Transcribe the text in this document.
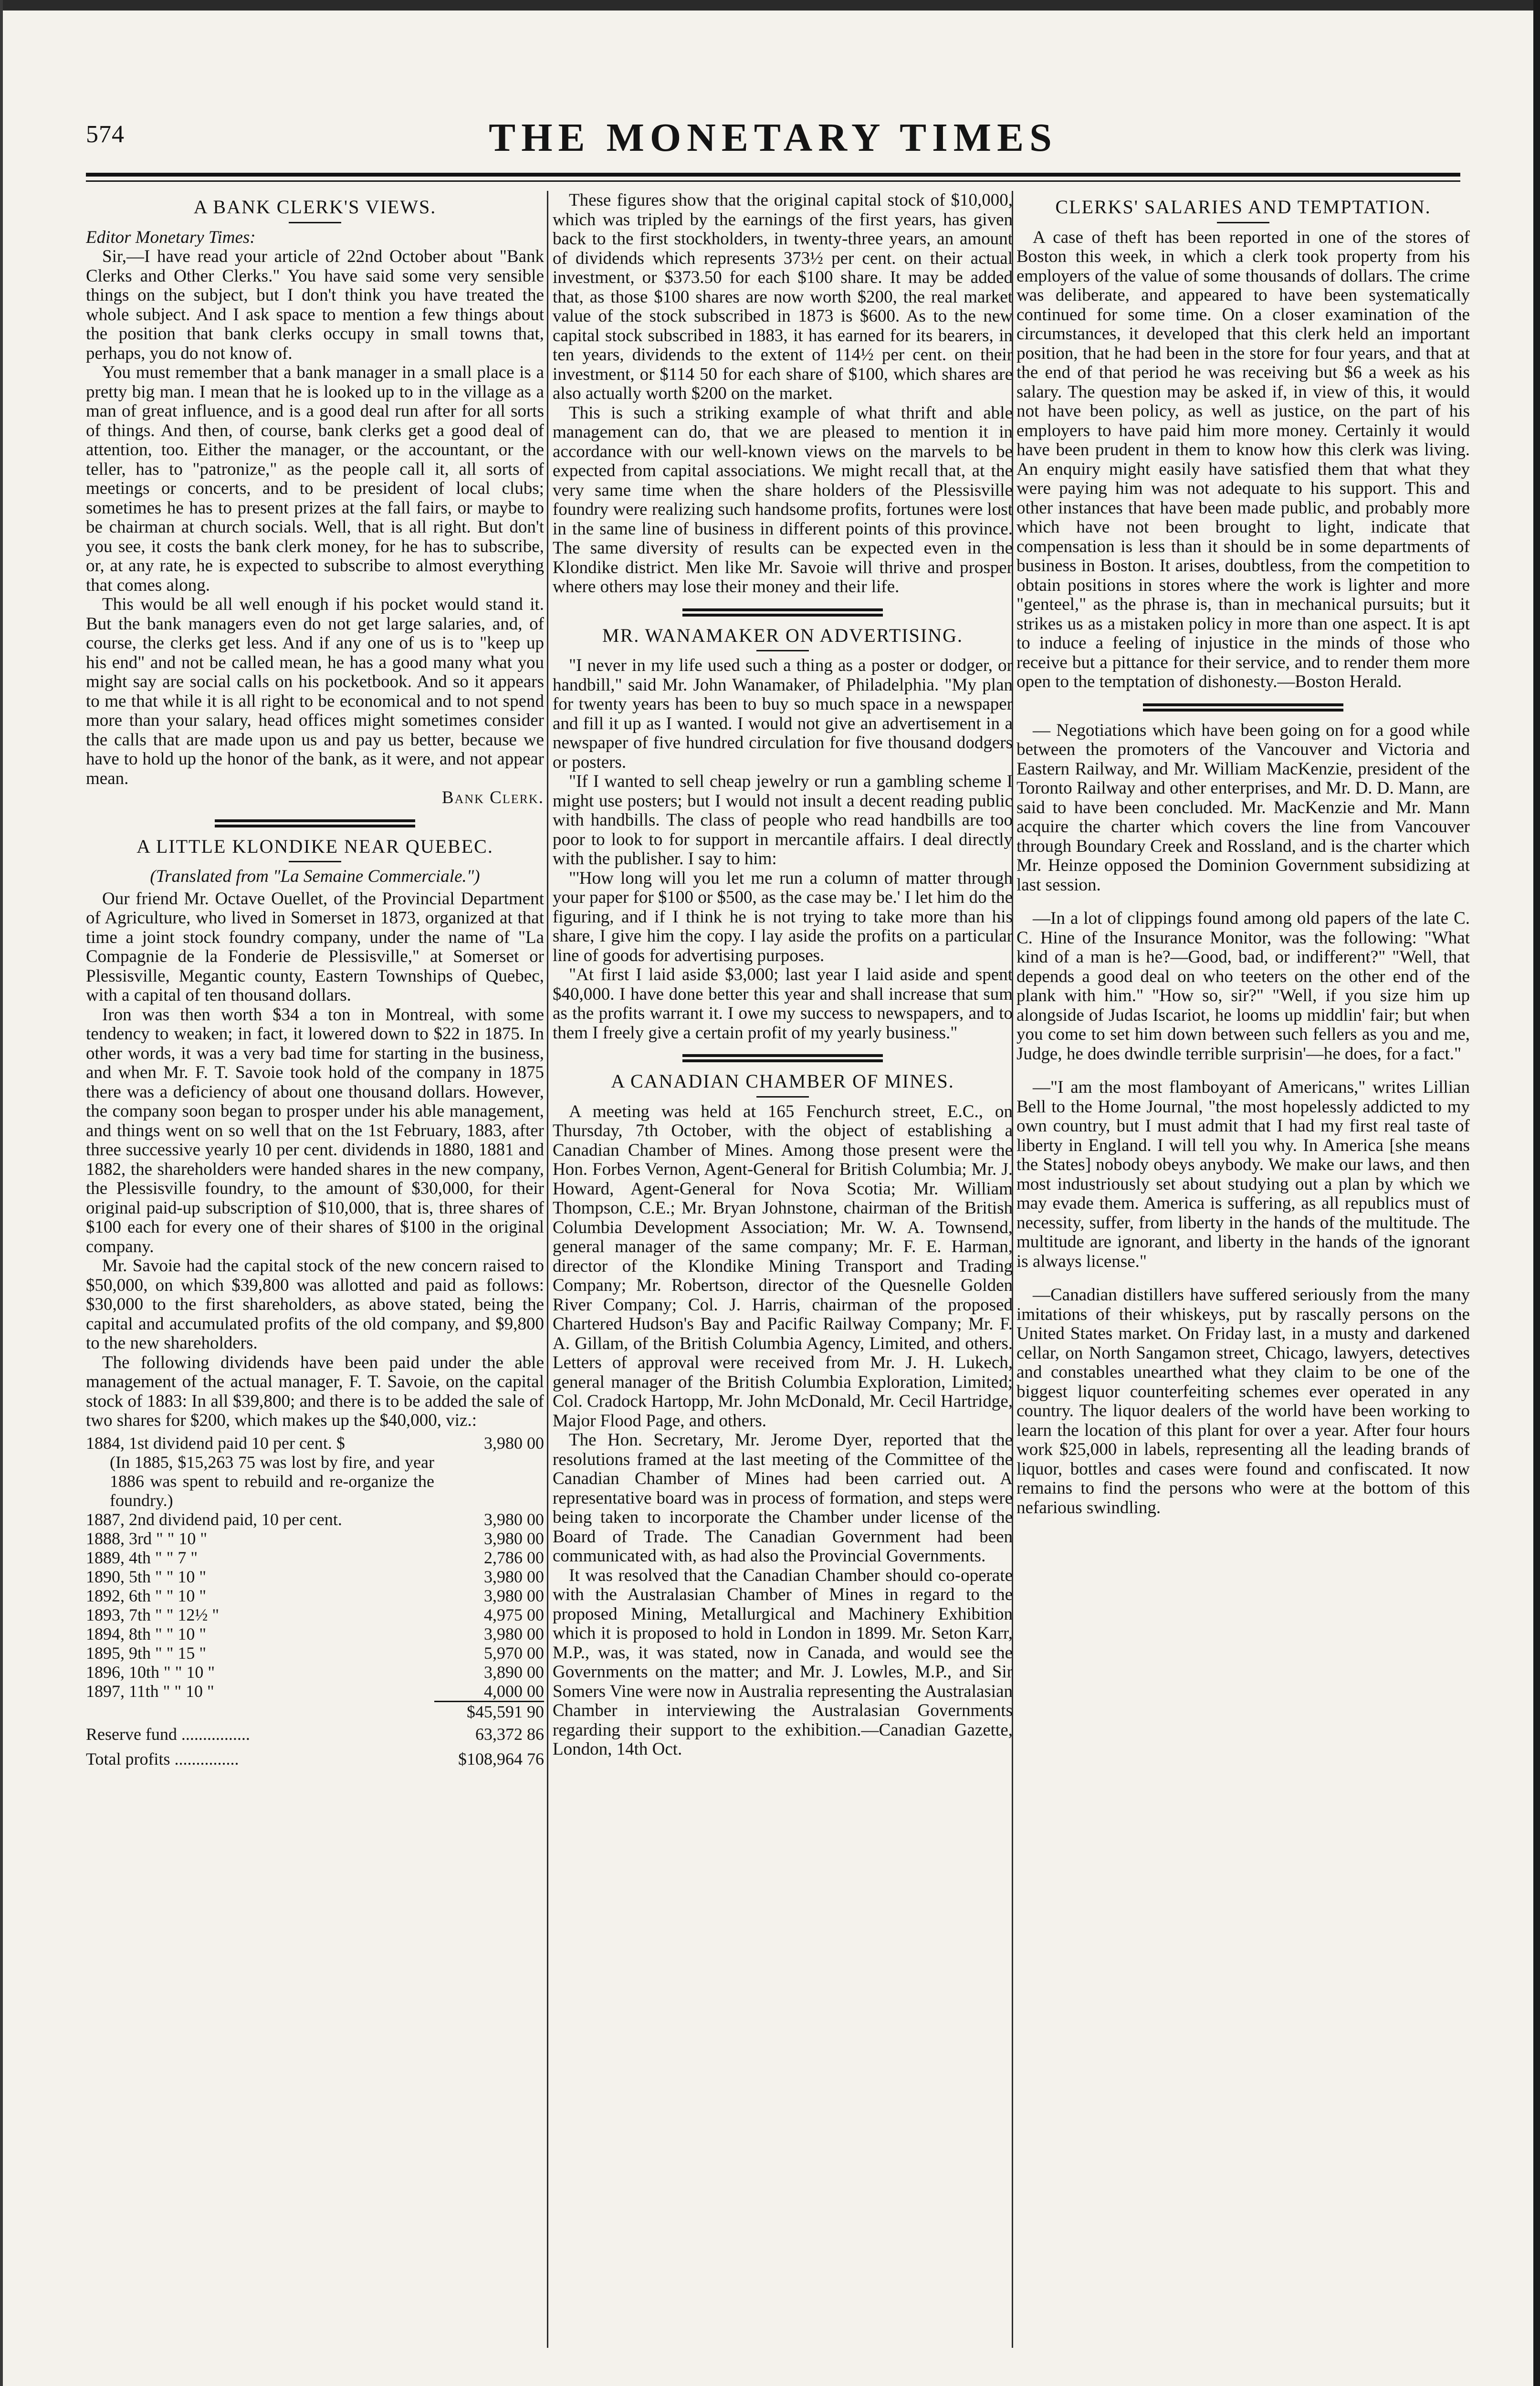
574	THE MONETARY TIMES
A BANK CLERK'S VIEWS.
Editor Monetary Times:

Sir,—I have read your article of 22nd October about "Bank Clerks and Other Clerks." You have said some very sensible things on the subject, but I don't think you have treated the whole subject. And I ask space to mention a few things about the position that bank clerks occupy in small towns that, perhaps, you do not know of.

You must remember that a bank manager in a small place is a pretty big man. I mean that he is looked up to in the village as a man of great influence, and is a good deal run after for all sorts of things. And then, of course, bank clerks get a good deal of attention, too. Either the manager, or the accountant, or the teller, has to "patronize," as the people call it, all sorts of meetings or concerts, and to be president of local clubs; sometimes he has to present prizes at the fall fairs, or maybe to be chairman at church socials. Well, that is all right. But don't you see, it costs the bank clerk money, for he has to subscribe, or, at any rate, he is expected to subscribe to almost everything that comes along.

This would be all well enough if his pocket would stand it. But the bank managers even do not get large salaries, and, of course, the clerks get less. And if any one of us is to "keep up his end" and not be called mean, he has a good many what you might say are social calls on his pocketbook. And so it appears to me that while it is all right to be economical and to not spend more than your salary, head offices might sometimes consider the calls that are made upon us and pay us better, because we have to hold up the honor of the bank, as it were, and not appear mean.

Bank Clerk.
A LITTLE KLONDIKE NEAR QUEBEC.
(Translated from "La Semaine Commerciale.")

Our friend Mr. Octave Ouellet, of the Provincial Department of Agriculture, who lived in Somerset in 1873, organized at that time a joint stock foundry company, under the name of "La Compagnie de la Fonderie de Plessisville," at Somerset or Plessisville, Megantic county, Eastern Townships of Quebec, with a capital of ten thousand dollars.

Iron was then worth $34 a ton in Montreal, with some tendency to weaken; in fact, it lowered down to $22 in 1875. In other words, it was a very bad time for starting in the business, and when Mr. F. T. Savoie took hold of the company in 1875 there was a deficiency of about one thousand dollars. However, the company soon began to prosper under his able management, and things went on so well that on the 1st February, 1883, after three successive yearly 10 per cent. dividends in 1880, 1881 and 1882, the shareholders were handed shares in the new company, the Plessisville foundry, to the amount of $30,000, for their original paid-up subscription of $10,000, that is, three shares of $100 each for every one of their shares of $100 in the original company.

Mr. Savoie had the capital stock of the new concern raised to $50,000, on which $39,800 was allotted and paid as follows: $30,000 to the first shareholders, as above stated, being the capital and accumulated profits of the old company, and $9,800 to the new shareholders.

The following dividends have been paid under the able management of the actual manager, F. T. Savoie, on the capital stock of 1883: In all $39,800; and there is to be added the sale of two shares for $200, which makes up the $40,000, viz.:

1884, 1st dividend paid 10 per cent. $	3,980 00
(In 1885, $15,263 75 was lost by fire, and year 1886 was spent to rebuild and re-organize the foundry.)	
1887, 2nd dividend paid, 10 per cent.	3,980 00
1888, 3rd " " 10 "	3,980 00
1889, 4th " " 7 "	2,786 00
1890, 5th " " 10 "	3,980 00
1892, 6th " " 10 "	3,980 00
1893, 7th " " 12½ "	4,975 00
1894, 8th " " 10 "	3,980 00
1895, 9th " " 15 "	5,970 00
1896, 10th " " 10 "	3,890 00
1897, 11th " " 10 "	4,000 00
	$45,591 90
Reserve fund ................	63,372 86
Total profits ...............	$108,964 76

These figures show that the original capital stock of $10,000, which was tripled by the earnings of the first years, has given back to the first stockholders, in twenty-three years, an amount of dividends which represents 373½ per cent. on their actual investment, or $373.50 for each $100 share. It may be added that, as those $100 shares are now worth $200, the real market value of the stock subscribed in 1873 is $600. As to the new capital stock subscribed in 1883, it has earned for its bearers, in ten years, dividends to the extent of 114½ per cent. on their investment, or $114 50 for each share of $100, which shares are also actually worth $200 on the market.

This is such a striking example of what thrift and able management can do, that we are pleased to mention it in accordance with our well-known views on the marvels to be expected from capital associations. We might recall that, at the very same time when the share holders of the Plessisville foundry were realizing such handsome profits, fortunes were lost in the same line of business in different points of this province. The same diversity of results can be expected even in the Klondike district. Men like Mr. Savoie will thrive and prosper where others may lose their money and their life.

MR. WANAMAKER ON ADVERTISING.

"I never in my life used such a thing as a poster or dodger, or handbill," said Mr. John Wanamaker, of Philadelphia. "My plan for twenty years has been to buy so much space in a newspaper and fill it up as I wanted. I would not give an advertisement in a newspaper of five hundred circulation for five thousand dodgers or posters.

"If I wanted to sell cheap jewelry or run a gambling scheme I might use posters; but I would not insult a decent reading public with handbills. The class of people who read handbills are too poor to look to for support in mercantile affairs. I deal directly with the publisher. I say to him:

"'How long will you let me run a column of matter through your paper for $100 or $500, as the case may be.' I let him do the figuring, and if I think he is not trying to take more than his share, I give him the copy. I lay aside the profits on a particular line of goods for advertising purposes.

"At first I laid aside $3,000; last year I laid aside and spent $40,000. I have done better this year and shall increase that sum as the profits warrant it. I owe my success to newspapers, and to them I freely give a certain profit of my yearly business."

A CANADIAN CHAMBER OF MINES.

A meeting was held at 165 Fenchurch street, E.C., on Thursday, 7th October, with the object of establishing a Canadian Chamber of Mines. Among those present were the Hon. Forbes Vernon, Agent-General for British Columbia; Mr. J. Howard, Agent-General for Nova Scotia; Mr. William Thompson, C.E.; Mr. Bryan Johnstone, chairman of the British Columbia Development Association; Mr. W. A. Townsend, general manager of the same company; Mr. F. E. Harman, director of the Klondike Mining Transport and Trading Company; Mr. Robertson, director of the Quesnelle Golden River Company; Col. J. Harris, chairman of the proposed Chartered Hudson's Bay and Pacific Railway Company; Mr. F. A. Gillam, of the British Columbia Agency, Limited, and others. Letters of approval were received from Mr. J. H. Lukech, general manager of the British Columbia Exploration, Limited; Col. Cradock Hartopp, Mr. John McDonald, Mr. Cecil Hartridge, Major Flood Page, and others.

The Hon. Secretary, Mr. Jerome Dyer, reported that the resolutions framed at the last meeting of the Committee of the Canadian Chamber of Mines had been carried out. A representative board was in process of formation, and steps were being taken to incorporate the Chamber under license of the Board of Trade. The Canadian Government had been communicated with, as had also the Provincial Governments.

It was resolved that the Canadian Chamber should co-operate with the Australasian Chamber of Mines in regard to the proposed Mining, Metallurgical and Machinery Exhibition which it is proposed to hold in London in 1899. Mr. Seton Karr, M.P., was, it was stated, now in Canada, and would see the Governments on the matter; and Mr. J. Lowles, M.P., and Sir Somers Vine were now in Australia representing the Australasian Chamber in interviewing the Australasian Governments regarding their support to the exhibition.—Canadian Gazette, London, 14th Oct.

CLERKS' SALARIES AND TEMPTATION.

A case of theft has been reported in one of the stores of Boston this week, in which a clerk took property from his employers of the value of some thousands of dollars. The crime was deliberate, and appeared to have been systematically continued for some time. On a closer examination of the circumstances, it developed that this clerk held an important position, that he had been in the store for four years, and that at the end of that period he was receiving but $6 a week as his salary. The question may be asked if, in view of this, it would not have been policy, as well as justice, on the part of his employers to have paid him more money. Certainly it would have been prudent in them to know how this clerk was living. An enquiry might easily have satisfied them that what they were paying him was not adequate to his support. This and other instances that have been made public, and probably more which have not been brought to light, indicate that compensation is less than it should be in some departments of business in Boston. It arises, doubtless, from the competition to obtain positions in stores where the work is lighter and more "genteel," as the phrase is, than in mechanical pursuits; but it strikes us as a mistaken policy in more than one aspect. It is apt to induce a feeling of injustice in the minds of those who receive but a pittance for their service, and to render them more open to the temptation of dishonesty.—Boston Herald.

— Negotiations which have been going on for a good while between the promoters of the Vancouver and Victoria and Eastern Railway, and Mr. William MacKenzie, president of the Toronto Railway and other enterprises, and Mr. D. D. Mann, are said to have been concluded. Mr. MacKenzie and Mr. Mann acquire the charter which covers the line from Vancouver through Boundary Creek and Rossland, and is the charter which Mr. Heinze opposed the Dominion Government subsidizing at last session.

—In a lot of clippings found among old papers of the late C. C. Hine of the Insurance Monitor, was the following: "What kind of a man is he?—Good, bad, or indifferent?" "Well, that depends a good deal on who teeters on the other end of the plank with him." "How so, sir?" "Well, if you size him up alongside of Judas Iscariot, he looms up middlin' fair; but when you come to set him down between such fellers as you and me, Judge, he does dwindle terrible surprisin'—he does, for a fact."

—"I am the most flamboyant of Americans," writes Lillian Bell to the Home Journal, "the most hopelessly addicted to my own country, but I must admit that I had my first real taste of liberty in England. I will tell you why. In America [she means the States] nobody obeys anybody. We make our laws, and then most industriously set about studying out a plan by which we may evade them. America is suffering, as all republics must of necessity, suffer, from liberty in the hands of the multitude. The multitude are ignorant, and liberty in the hands of the ignorant is always license."

—Canadian distillers have suffered seriously from the many imitations of their whiskeys, put by rascally persons on the United States market. On Friday last, in a musty and darkened cellar, on North Sangamon street, Chicago, lawyers, detectives and constables unearthed what they claim to be one of the biggest liquor counterfeiting schemes ever operated in any country. The liquor dealers of the world have been working to learn the location of this plant for over a year. After four hours work $25,000 in labels, representing all the leading brands of liquor, bottles and cases were found and confiscated. It now remains to find the persons who were at the bottom of this nefarious swindling.
